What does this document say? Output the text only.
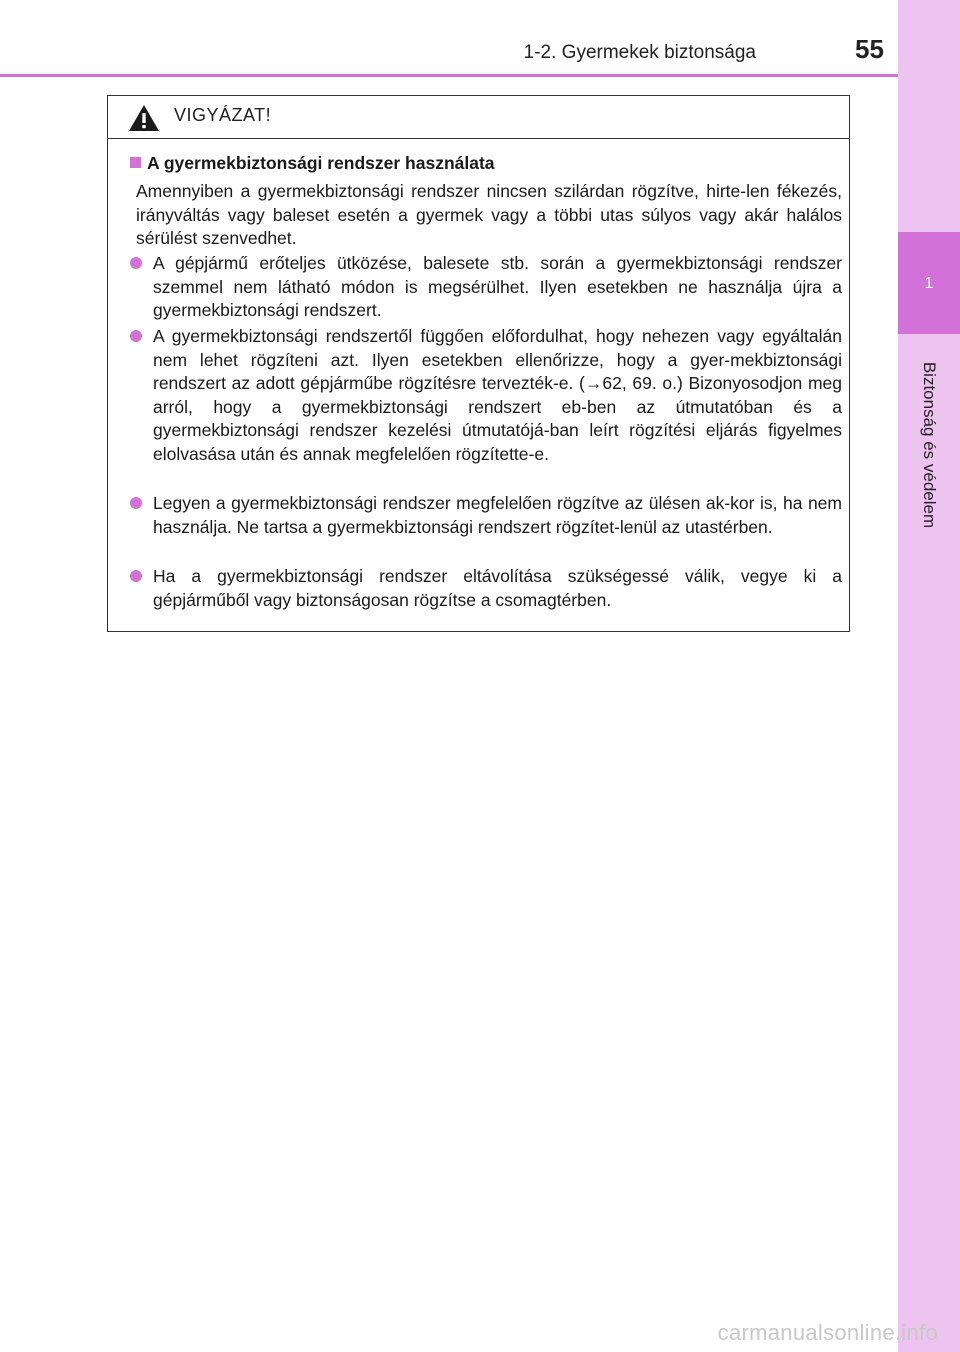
1-2. Gyermekek biztonsága	55
1
Biztonság és védelem
VIGYÁZAT!
A gyermekbiztonsági rendszer használata

Amennyiben a gyermekbiztonsági rendszer nincsen szilárdan rögzítve, hirte-len fékezés, irányváltás vagy baleset esetén a gyermek vagy a többi utas súlyos vagy akár halálos sérülést szenvedhet.

A gépjármű erőteljes ütközése, balesete stb. során a gyermekbiztonsági rendszer szemmel nem látható módon is megsérülhet. Ilyen esetekben ne használja újra a gyermekbiztonsági rendszert.
A gyermekbiztonsági rendszertől függően előfordulhat, hogy nehezen vagy egyáltalán nem lehet rögzíteni azt. Ilyen esetekben ellenőrizze, hogy a gyer-mekbiztonsági rendszert az adott gépjárműbe rögzítésre tervezték-e. (→62, 69. o.) Bizonyosodjon meg arról, hogy a gyermekbiztonsági rendszert eb-ben az útmutatóban és a gyermekbiztonsági rendszer kezelési útmutatójá-ban leírt rögzítési eljárás figyelmes elolvasása után és annak megfelelően rögzítette-e.
Legyen a gyermekbiztonsági rendszer megfelelően rögzítve az ülésen ak-kor is, ha nem használja. Ne tartsa a gyermekbiztonsági rendszert rögzítet-lenül az utastérben.
Ha a gyermekbiztonsági rendszer eltávolítása szükségessé válik, vegye ki a gépjárműből vagy biztonságosan rögzítse a csomagtérben.
carmanualsonline.info
